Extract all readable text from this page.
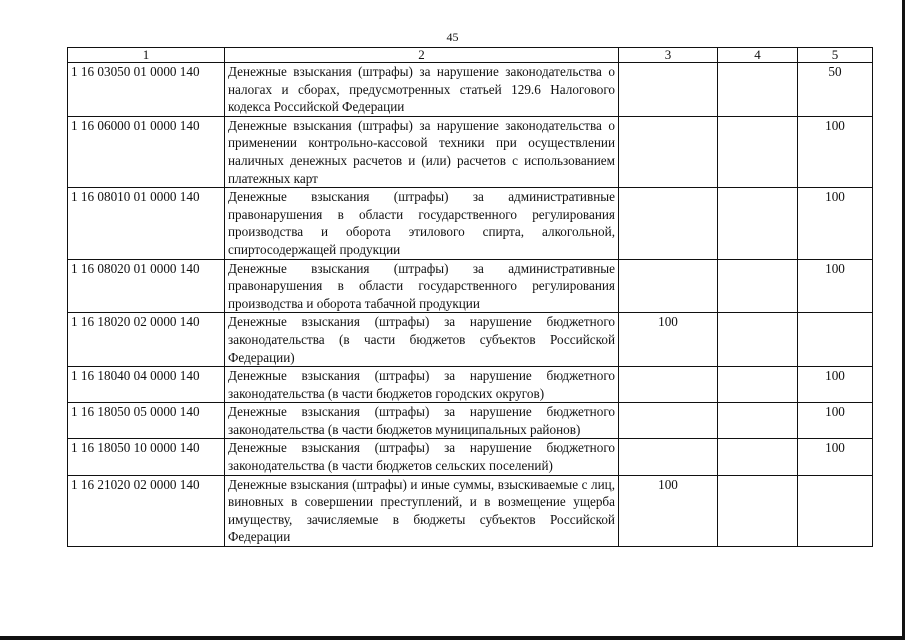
45
1	2	3	4	5
1 16 03050 01 0000 140	Денежные взыскания (штрафы) за нарушение законодательства о налогах и сборах, предусмотренных статьей 129.6 Налогового кодекса Российской Федерации			50
1 16 06000 01 0000 140	Денежные взыскания (штрафы) за нарушение законодательства о применении контрольно-кассовой техники при осуществлении наличных денежных расчетов и (или) расчетов с использованием платежных карт			100
1 16 08010 01 0000 140	Денежные взыскания (штрафы) за административные правонарушения в области государственного регулирования производства и оборота этилового спирта, алкогольной, спиртосодержащей продукции			100
1 16 08020 01 0000 140	Денежные взыскания (штрафы) за административные правонарушения в области государственного регулирования производства и оборота табачной продукции			100
1 16 18020 02 0000 140	Денежные взыскания (штрафы) за нарушение бюджетного законодательства (в части бюджетов субъектов Российской Федерации)	100		
1 16 18040 04 0000 140	Денежные взыскания (штрафы) за нарушение бюджетного законодательства (в части бюджетов городских округов)			100
1 16 18050 05 0000 140	Денежные взыскания (штрафы) за нарушение бюджетного законодательства (в части бюджетов муниципальных районов)			100
1 16 18050 10 0000 140	Денежные взыскания (штрафы) за нарушение бюджетного законодательства (в части бюджетов сельских поселений)			100
1 16 21020 02 0000 140	Денежные взыскания (штрафы) и иные суммы, взыскиваемые с лиц, виновных в совершении преступлений, и в возмещение ущерба имуществу, зачисляемые в бюджеты субъектов Российской Федерации	100		
